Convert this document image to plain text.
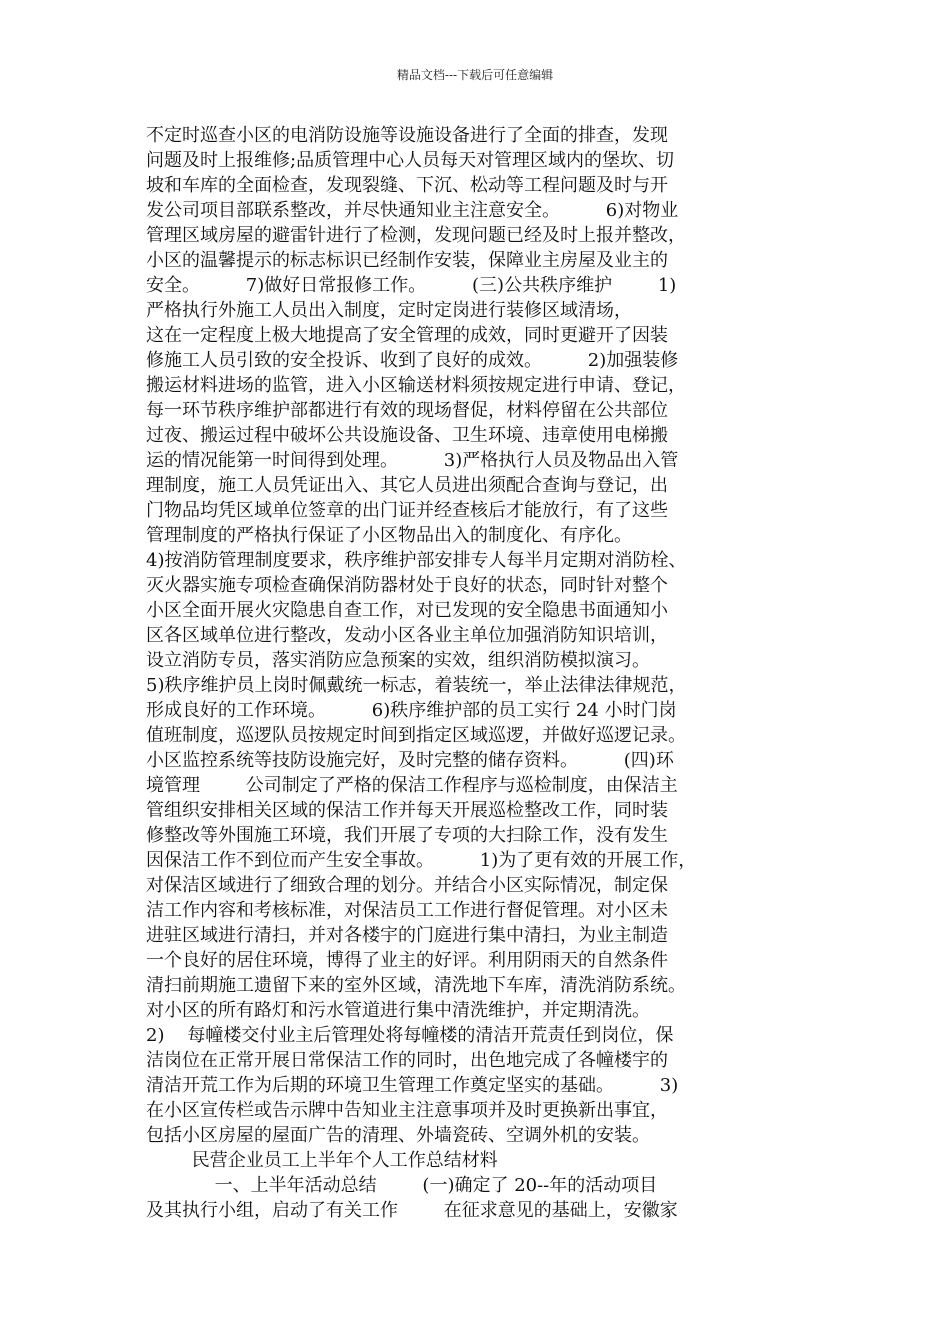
精品文档---下载后可任意编辑
不定时巡查小区的电消防设施等设施设备进行了全面的排查，发现
问题及时上报维修;品质管理中心人员每天对管理区域内的堡坎、切
坡和车库的全面检查，发现裂缝、下沉、松动等工程问题及时与开
发公司项目部联系整改，并尽快通知业主注意安全。        6)对物业
管理区域房屋的避雷针进行了检测，发现问题已经及时上报并整改，
小区的温馨提示的标志标识已经制作安装，保障业主房屋及业主的
安全。        7)做好日常报修工作。        (三)公共秩序维护        1)
严格执行外施工人员出入制度，定时定岗进行装修区域清场，
这在一定程度上极大地提高了安全管理的成效，同时更避开了因装
修施工人员引致的安全投诉、收到了良好的成效。        2)加强装修
搬运材料进场的监管，进入小区输送材料须按规定进行申请、登记，
每一环节秩序维护部都进行有效的现场督促，材料停留在公共部位
过夜、搬运过程中破坏公共设施设备、卫生环境、违章使用电梯搬
运的情况能第一时间得到处理。        3)严格执行人员及物品出入管
理制度，施工人员凭证出入、其它人员进出须配合查询与登记，出
门物品均凭区域单位签章的出门证并经查核后才能放行，有了这些
管理制度的严格执行保证了小区物品出入的制度化、有序化。
4)按消防管理制度要求，秩序维护部安排专人每半月定期对消防栓、
灭火器实施专项检查确保消防器材处于良好的状态，同时针对整个
小区全面开展火灾隐患自查工作，对已发现的安全隐患书面通知小
区各区域单位进行整改，发动小区各业主单位加强消防知识培训，
设立消防专员，落实消防应急预案的实效，组织消防模拟演习。
5)秩序维护员上岗时佩戴统一标志，着装统一，举止法律法律规范，
形成良好的工作环境。        6)秩序维护部的员工实行 24 小时门岗
值班制度，巡逻队员按规定时间到指定区域巡逻，并做好巡逻记录。
小区监控系统等技防设施完好，及时完整的储存资料。        (四)环
境管理        公司制定了严格的保洁工作程序与巡检制度，由保洁主
管组织安排相关区域的保洁工作并每天开展巡检整改工作，同时装
修整改等外围施工环境，我们开展了专项的大扫除工作，没有发生
因保洁工作不到位而产生安全事故。        1)为了更有效的开展工作，
对保洁区域进行了细致合理的划分。并结合小区实际情况，制定保
洁工作内容和考核标准，对保洁员工工作进行督促管理。对小区未
进驻区域进行清扫，并对各楼宇的门庭进行集中清扫，为业主制造
一个良好的居住环境，博得了业主的好评。利用阴雨天的自然条件
清扫前期施工遗留下来的室外区域，清洗地下车库，清洗消防系统。
对小区的所有路灯和污水管道进行集中清洗维护，并定期清洗。
2)    每幢楼交付业主后管理处将每幢楼的清洁开荒责任到岗位，保
洁岗位在正常开展日常保洁工作的同时，出色地完成了各幢楼宇的
清洁开荒工作为后期的环境卫生管理工作奠定坚实的基础。        3)
在小区宣传栏或告示牌中告知业主注意事项并及时更换新出事宜，
包括小区房屋的屋面广告的清理、外墙瓷砖、空调外机的安装。
民营企业员工上半年个人工作总结材料
一、上半年活动总结        (一)确定了 20--年的活动项目
及其执行小组，启动了有关工作        在征求意见的基础上，安徽家
